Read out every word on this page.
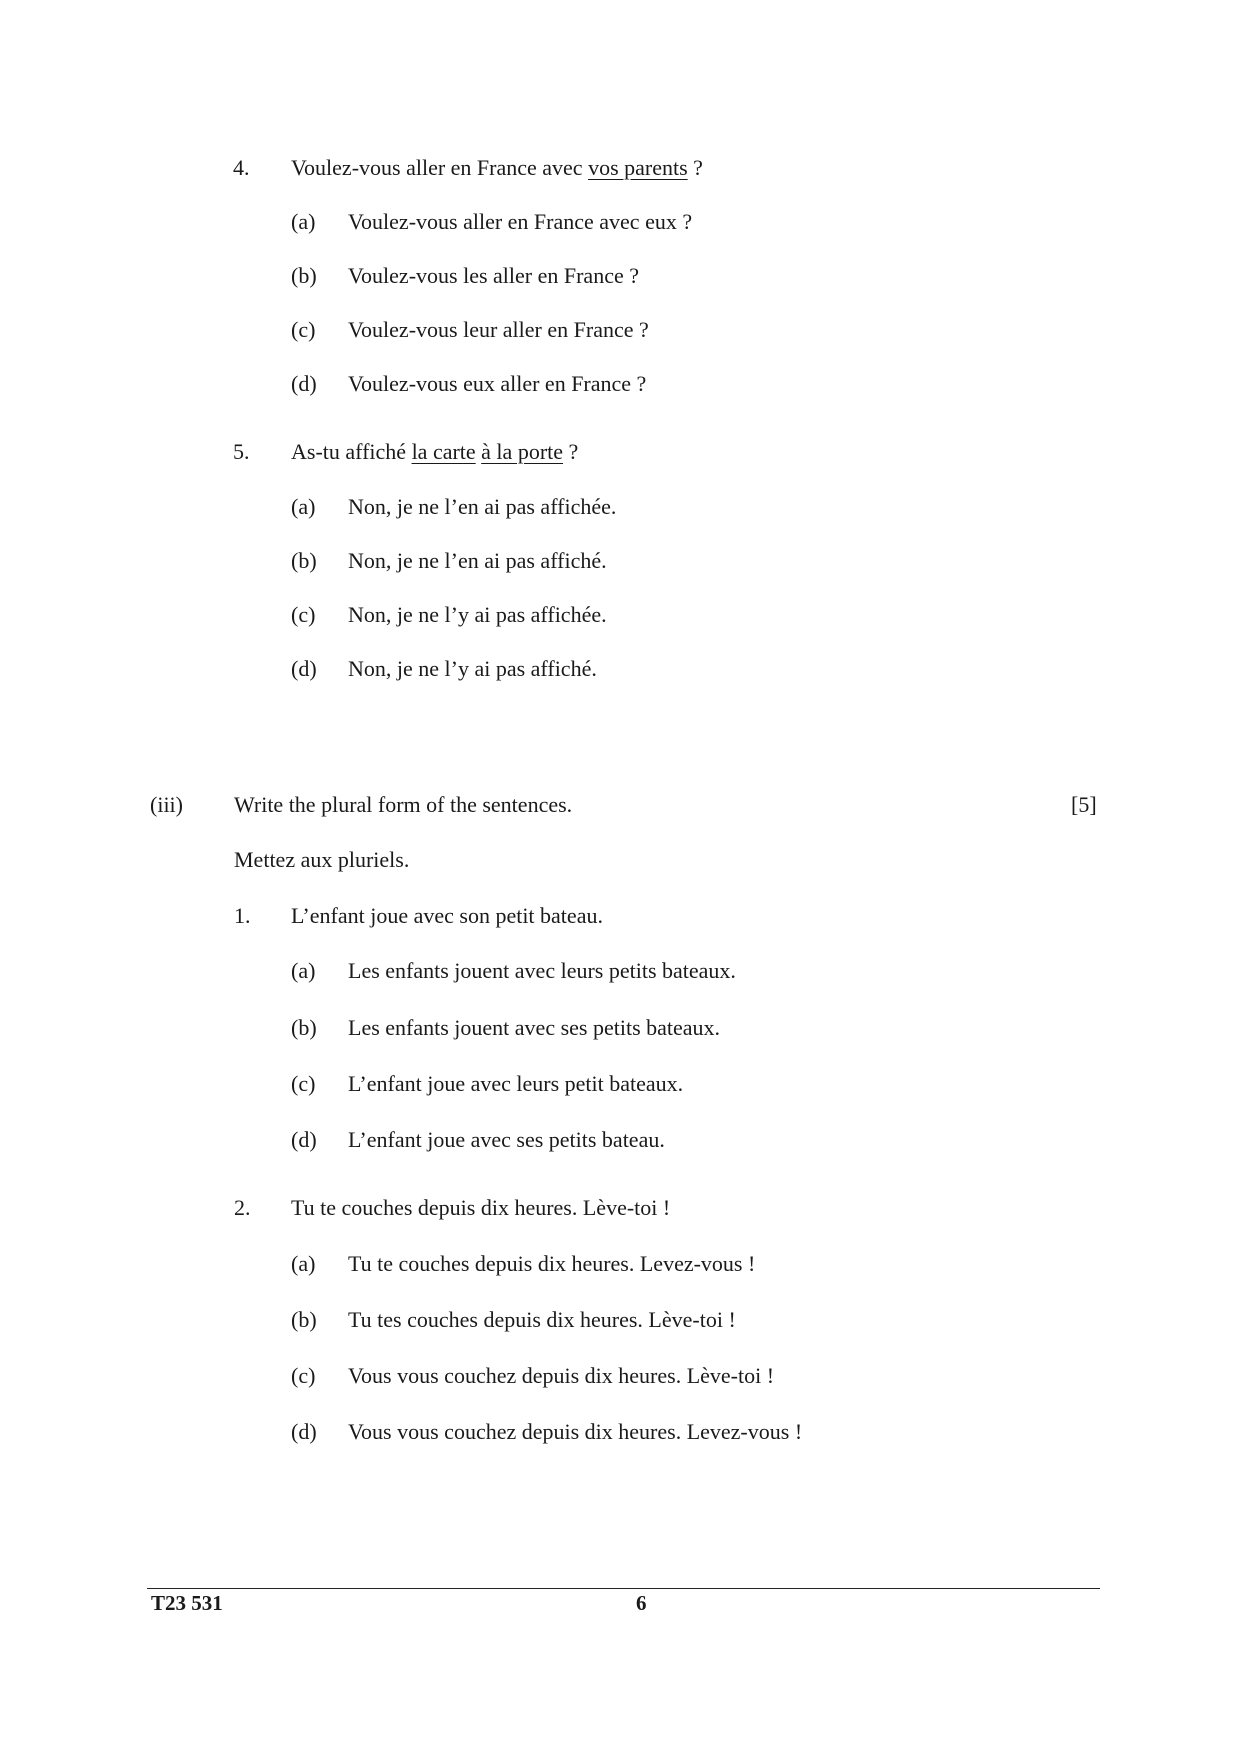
4. Voulez-vous aller en France avec vos parents ?
(a) Voulez-vous aller en France avec eux ?
(b) Voulez-vous les aller en France ?
(c) Voulez-vous leur aller en France ?
(d) Voulez-vous eux aller en France ?
5. As-tu affiché la carte à la porte ?
(a) Non, je ne l’en ai pas affichée.
(b) Non, je ne l’en ai pas affiché.
(c) Non, je ne l’y ai pas affichée.
(d) Non, je ne l’y ai pas affiché.
(iii) Write the plural form of the sentences.	[5]
Mettez aux pluriels.
1. L’enfant joue avec son petit bateau.
(a) Les enfants jouent avec leurs petits bateaux.
(b) Les enfants jouent avec ses petits bateaux.
(c) L’enfant joue avec leurs petit bateaux.
(d) L’enfant joue avec ses petits bateau.
2. Tu te couches depuis dix heures. Lève-toi !
(a) Tu te couches depuis dix heures. Levez-vous !
(b) Tu tes couches depuis dix heures. Lève-toi !
(c) Vous vous couchez depuis dix heures. Lève-toi !
(d) Vous vous couchez depuis dix heures. Levez-vous !
T23 531	6
